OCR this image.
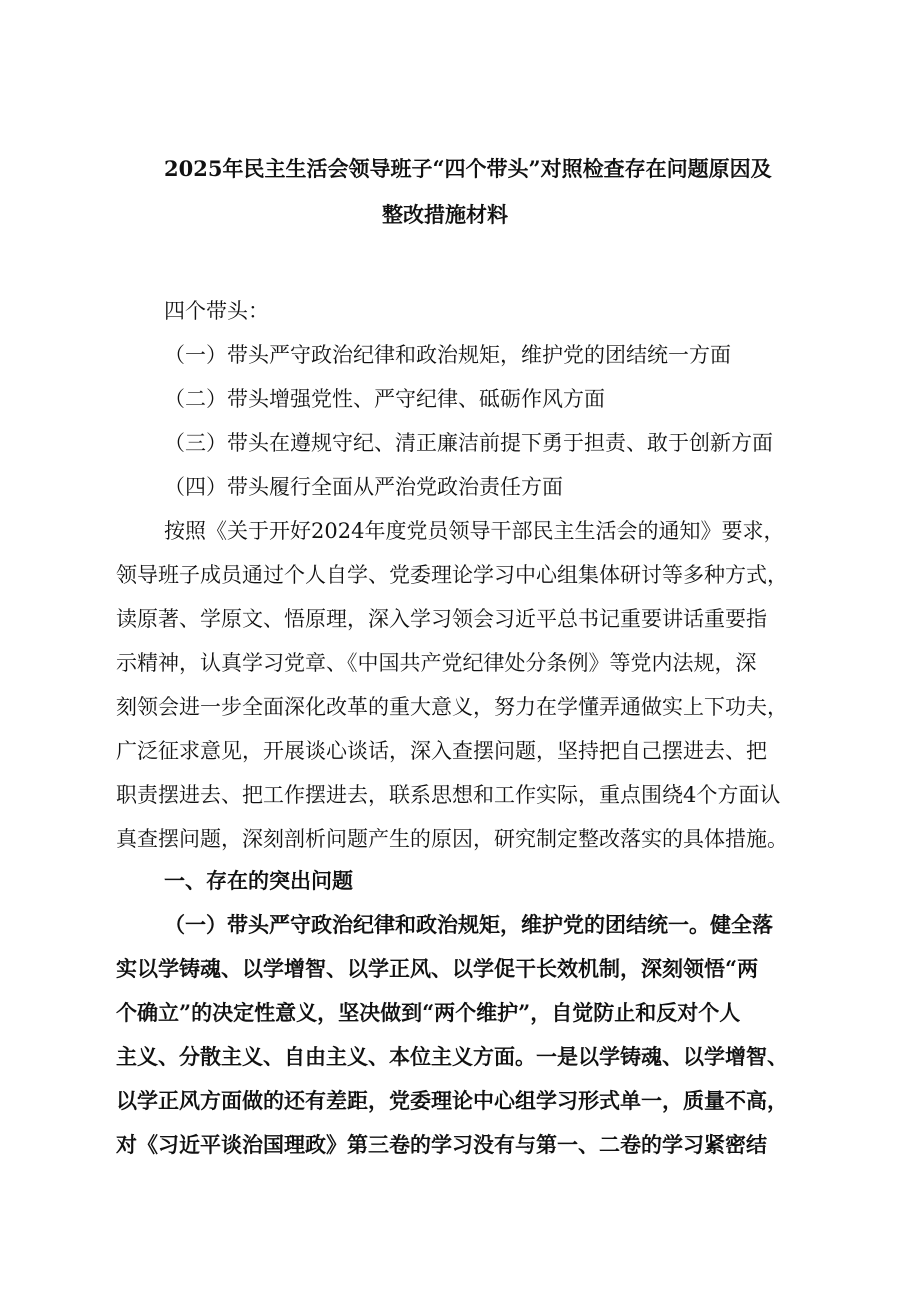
2025年民主生活会领导班子“四个带头”对照检查存在问题原因及
整改措施材料
四个带头：
（一）带头严守政治纪律和政治规矩，维护党的团结统一方面
（二）带头增强党性、严守纪律、砥砺作风方面
（三）带头在遵规守纪、清正廉洁前提下勇于担责、敢于创新方面
（四）带头履行全面从严治党政治责任方面
按照《关于开好2024年度党员领导干部民主生活会的通知》要求，
领导班子成员通过个人自学、党委理论学习中心组集体研讨等多种方式，
读原著、学原文、悟原理，深入学习领会习近平总书记重要讲话重要指
示精神，认真学习党章、《中国共产党纪律处分条例》等党内法规，深
刻领会进一步全面深化改革的重大意义，努力在学懂弄通做实上下功夫，
广泛征求意见，开展谈心谈话，深入查摆问题，坚持把自己摆进去、把
职责摆进去、把工作摆进去，联系思想和工作实际，重点围绕4个方面认
真查摆问题，深刻剖析问题产生的原因，研究制定整改落实的具体措施。
一、存在的突出问题
（一）带头严守政治纪律和政治规矩，维护党的团结统一。健全落
实以学铸魂、以学增智、以学正风、以学促干长效机制，深刻领悟“两
个确立”的决定性意义，坚决做到“两个维护”，自觉防止和反对个人
主义、分散主义、自由主义、本位主义方面。一是以学铸魂、以学增智、
以学正风方面做的还有差距，党委理论中心组学习形式单一，质量不高，
对《习近平谈治国理政》第三卷的学习没有与第一、二卷的学习紧密结
